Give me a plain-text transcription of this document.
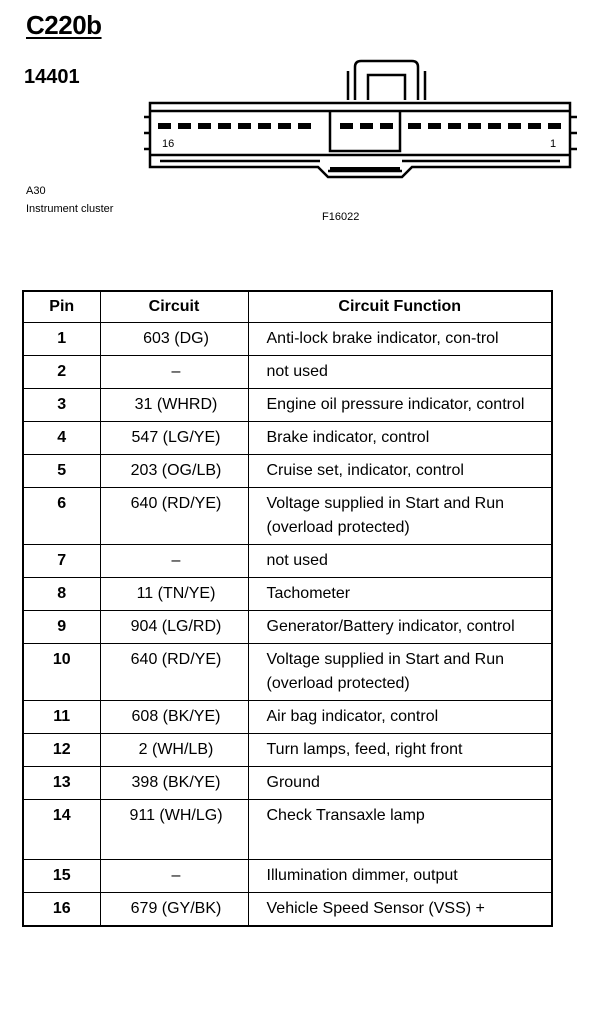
C220b
14401
16	1
A30
Instrument cluster
F16022
Pin	Circuit	Circuit Function
1	603 (DG)	Anti-lock brake indicator, con-trol
2	–	not used
3	31 (WHRD)	Engine oil pressure indicator, control
4	547 (LG/YE)	Brake indicator, control
5	203 (OG/LB)	Cruise set, indicator, control
6	640 (RD/YE)	Voltage supplied in Start and Run (overload protected)
7	–	not used
8	11 (TN/YE)	Tachometer
9	904 (LG/RD)	Generator/Battery indicator, control
10	640 (RD/YE)	Voltage supplied in Start and Run (overload protected)
11	608 (BK/YE)	Air bag indicator, control
12	2 (WH/LB)	Turn lamps, feed, right front
13	398 (BK/YE)	Ground
14	911 (WH/LG)	Check Transaxle lamp
15	–	Illumination dimmer, output
16	679 (GY/BK)	Vehicle Speed Sensor (VSS) +
